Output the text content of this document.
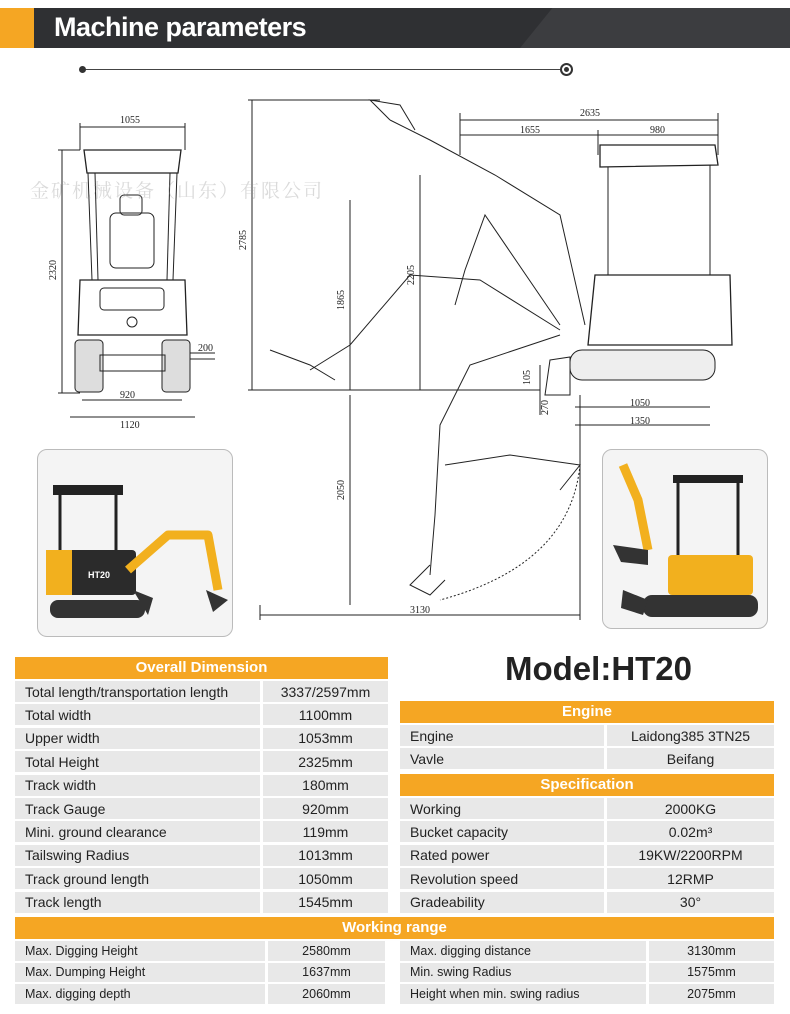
Machine parameters
1055
2320
200
920
1120
2785
1865
2205
2050
2635
1655	980
105
270	1050
1350
3130
金矿机械设备（山东）有限公司
HT20
Overall Dimension
Total length/transportation length	3337/2597mm
Total width	1100mm
Upper width	1053mm
Total Height	2325mm
Track width	180mm
Track Gauge	920mm
Mini. ground clearance	119mm
Tailswing Radius	1013mm
Track ground length	1050mm
Track length	1545mm
Model:HT20
Engine
Engine	Laidong385 3TN25
Vavle	Beifang
Specification
Working	2000KG
Bucket capacity	0.02m³
Rated power	19KW/2200RPM
Revolution speed	12RMP
Gradeability	30°
Working range
Max. Digging Height	2580mm
Max. Dumping Height	1637mm
Max. digging depth	2060mm
Max. digging distance	3130mm
Min. swing Radius	1575mm
Height when min. swing radius	2075mm
